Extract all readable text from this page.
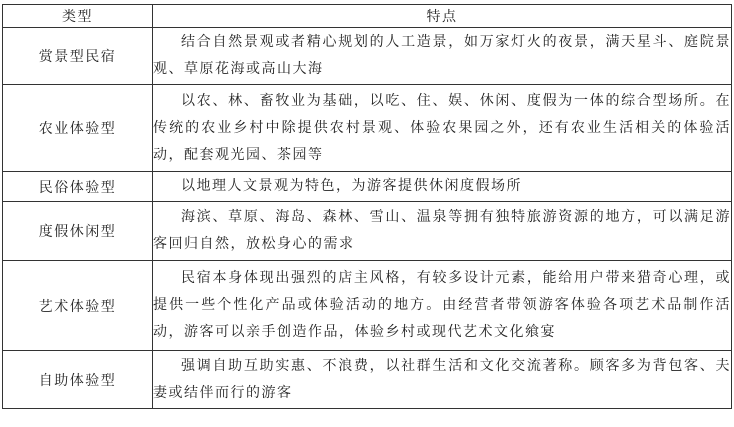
类型	特点
赏景型民宿	结合自然景观或者精心规划的人工造景，如万家灯火的夜景，满天星斗、庭院景观、草原花海或高山大海
农业体验型	以农、林、畜牧业为基础，以吃、住、娱、休闲、度假为一体的综合型场所。在传统的农业乡村中除提供农村景观、体验农果园之外，还有农业生活相关的体验活动，配套观光园、茶园等
民俗体验型	以地理人文景观为特色，为游客提供休闲度假场所
度假休闲型	海滨、草原、海岛、森林、雪山、温泉等拥有独特旅游资源的地方，可以满足游客回归自然，放松身心的需求
艺术体验型	民宿本身体现出强烈的店主风格，有较多设计元素，能给用户带来猎奇心理，或提供一些个性化产品或体验活动的地方。由经营者带领游客体验各项艺术品制作活动，游客可以亲手创造作品，体验乡村或现代艺术文化飨宴
自助体验型	强调自助互助实惠、不浪费，以社群生活和文化交流著称。顾客多为背包客、夫妻或结伴而行的游客
